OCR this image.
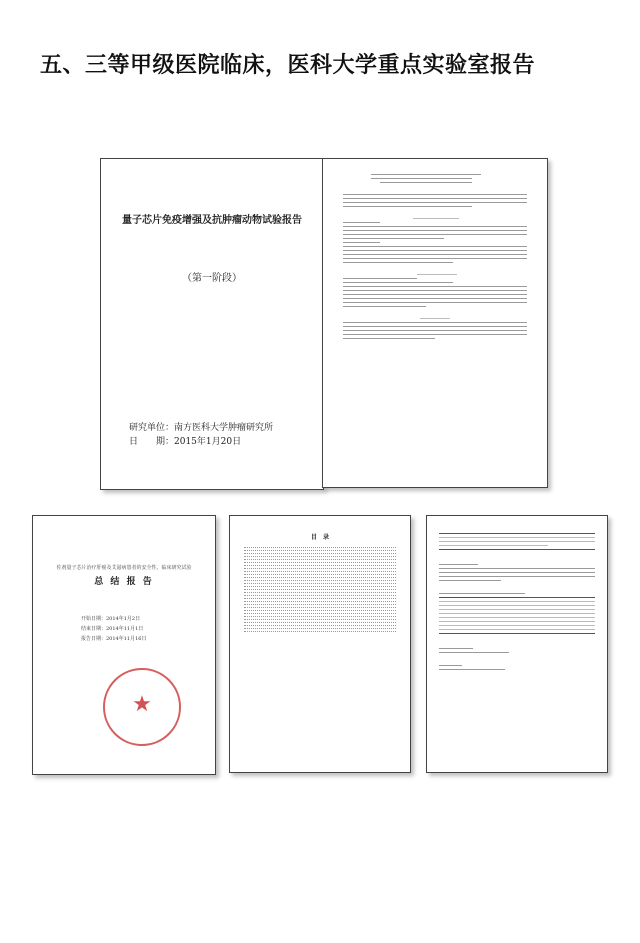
五、三等甲级医院临床，医科大学重点实验室报告
量子芯片免疫增强及抗肿瘤动物试验报告
（第一阶段）
研究单位：南方医科大学肿瘤研究所
日　　期：2015年1月20日
佐剂量子芯片治疗肝癌及艾滋病患者的安全性、临床研究试验
总 结 报 告
开始日期：2014年1月2日
结束日期：2014年11月1日
报告日期：2014年11月16日
★
目　录
